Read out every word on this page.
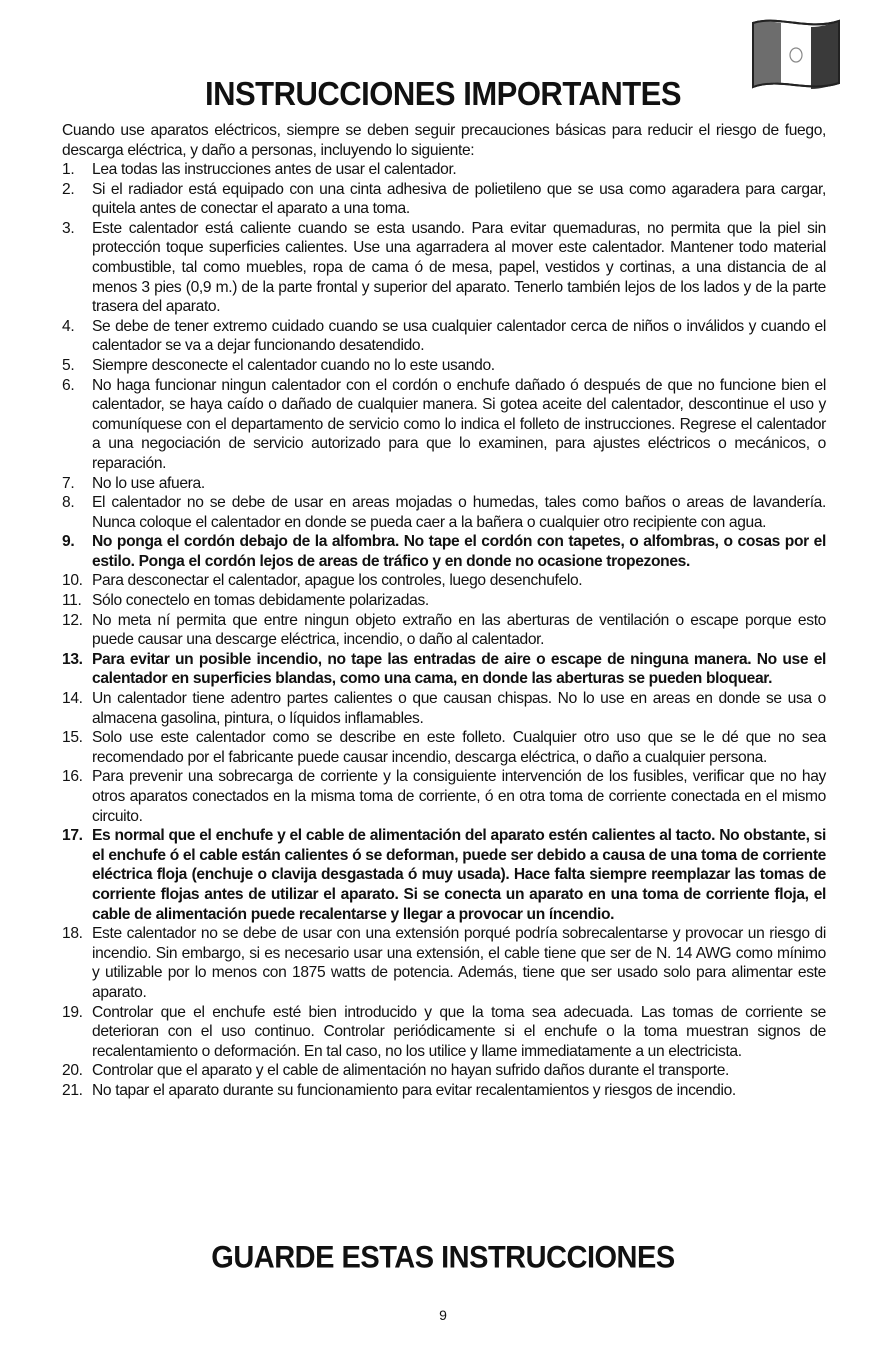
INSTRUCCIONES IMPORTANTES
Cuando use aparatos eléctricos, siempre se deben seguir precauciones básicas para reducir el riesgo de fuego, descarga eléctrica, y daño a personas, incluyendo lo siguiente:
1.	Lea todas las instrucciones antes de usar el calentador.
2.	Si el radiador está equipado con una cinta adhesiva de polietileno que se usa como agaradera para cargar, quitela antes de conectar el aparato a una toma.
3.	Este calentador está caliente cuando se esta usando. Para evitar quemaduras, no permita que la piel sin protección toque superficies calientes. Use una agarradera al mover este calentador. Mantener todo material combustible, tal como muebles, ropa de cama ó de mesa, papel, vestidos y cortinas, a una distancia de al menos 3 pies (0,9 m.) de la parte frontal y superior del aparato. Tenerlo también lejos de los lados y de la parte trasera del aparato.
4.	Se debe de tener extremo cuidado cuando se usa cualquier calentador cerca de niños o inválidos y cuando el calentador se va a dejar funcionando desatendido.
5.	Siempre desconecte el calentador cuando no lo este usando.
6.	No haga funcionar ningun calentador con el cordón o enchufe dañado ó después de que no funcione bien el calentador, se haya caído o dañado de cualquier manera. Si gotea aceite del calentador, descontinue el uso y comuníquese con el departamento de servicio como lo indica el folleto de instrucciones. Regrese el calentador a una negociación de servicio autorizado para que lo examinen, para ajustes eléctricos o mecánicos, o reparación.
7.	No lo use afuera.
8.	El calentador no se debe de usar en areas mojadas o humedas, tales como baños o areas de lavandería. Nunca coloque el calentador en donde se pueda caer a la bañera o cualquier otro recipiente con agua.
9.	No ponga el cordón debajo de la alfombra. No tape el cordón con tapetes, o alfombras, o cosas por el estilo. Ponga el cordón lejos de areas de tráfico y en donde no ocasione tropezones.
10. Para desconectar el calentador, apague los controles, luego desenchufelo.
11. Sólo conectelo en tomas debidamente polarizadas.
12. No meta ní permita que entre ningun objeto extraño en las aberturas de ventilación o escape porque esto puede causar una descarge eléctrica, incendio, o daño al calentador.
13. Para evitar un posible incendio, no tape las entradas de aire o escape de ninguna manera. No use el calentador en superficies blandas, como una cama, en donde las aberturas se pueden bloquear.
14. Un calentador tiene adentro partes calientes o que causan chispas. No lo use en areas en donde se usa o almacena gasolina, pintura, o líquidos inflamables.
15. Solo use este calentador como se describe en este folleto. Cualquier otro uso que se le dé que no sea recomendado por el fabricante puede causar incendio, descarga eléctrica, o daño a cualquier persona.
16. Para prevenir una sobrecarga de corriente y la consiguiente intervención de los fusibles, verificar que no hay otros aparatos conectados en la misma toma de corriente, ó en otra toma de corriente conectada en el mismo circuito.
17. Es normal que el enchufe y el cable de alimentación del aparato estén calientes al tacto. No obstante, si el enchufe ó el cable están calientes ó se deforman, puede ser debido a causa de una toma de corriente eléctrica floja (enchuje o clavija desgastada ó muy usada). Hace falta siempre reemplazar las tomas de corriente flojas antes de utilizar el aparato. Si se conecta un aparato en una toma de corriente floja, el cable de alimentación puede recalentarse y llegar a provocar un íncendio.
18. Este calentador no se debe de usar con una extensión porqué podría sobrecalentarse y provocar un riesgo di incendio. Sin embargo, si es necesario usar una extensión, el cable tiene que ser de N. 14 AWG como mínimo y utilizable por lo menos con 1875 watts de potencia. Además, tiene que ser usado solo para alimentar este aparato.
19. Controlar que el enchufe esté bien introducido y que la toma sea adecuada. Las tomas de corriente se deterioran con el uso continuo. Controlar periódicamente si el enchufe o la toma muestran signos de recalentamiento o deformación. En tal caso, no los utilice y llame immediatamente a un electricista.
20. Controlar que el aparato y el cable de alimentación no hayan sufrido daños durante el transporte.
21. No tapar el aparato durante su funcionamiento para evitar recalentamientos y riesgos de incendio.
GUARDE ESTAS INSTRUCCIONES
9
